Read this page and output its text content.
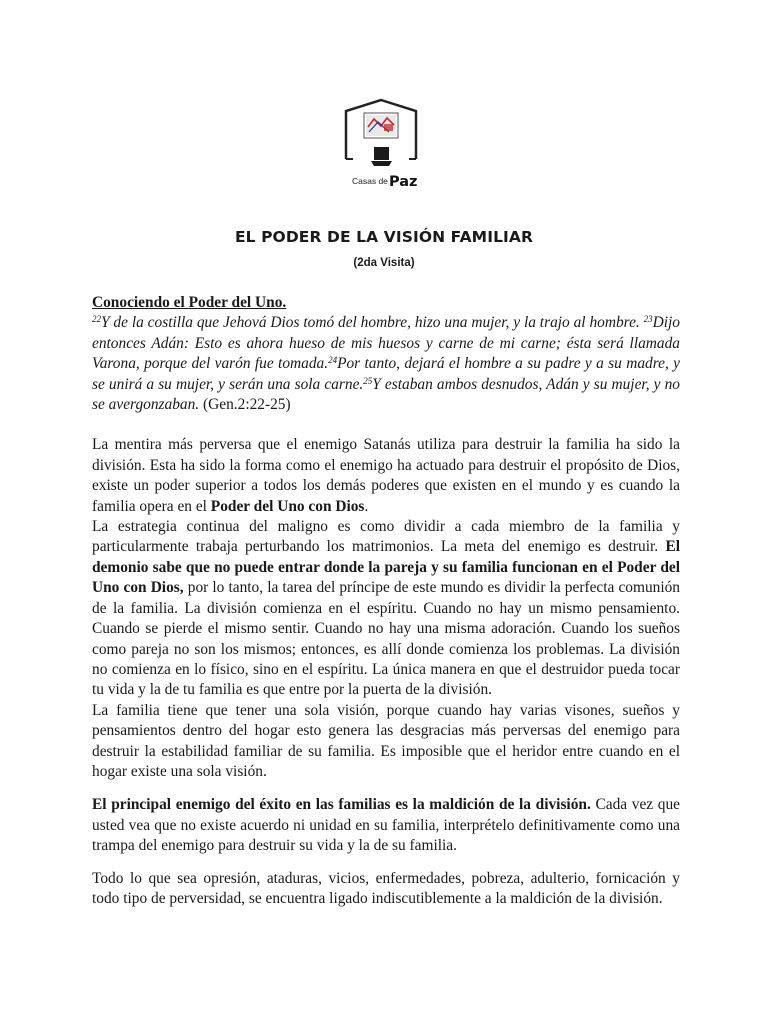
Casas de Paz
EL PODER DE LA VISIÓN FAMILIAR

(2da Visita)

Conociendo el Poder del Uno.

$^{22}$Y de la costilla que Jehová Dios tomó del hombre, hizo una mujer, y la trajo al hombre. $^{23}$Dijo entonces Adán: Esto es ahora hueso de mis huesos y carne de mi carne; ésta será llamada Varona, porque del varón fue tomada.$^{24}$Por tanto, dejará el hombre a su padre y a su madre, y se unirá a su mujer, y serán una sola carne.$^{25}$Y estaban ambos desnudos, Adán y su mujer, y no se avergonzaban. (Gen.2:22-25)

La mentira más perversa que el enemigo Satanás utiliza para destruir la familia ha sido la división. Esta ha sido la forma como el enemigo ha actuado para destruir el propósito de Dios, existe un poder superior a todos los demás poderes que existen en el mundo y es cuando la familia opera en el Poder del Uno con Dios.

La estrategia continua del maligno es como dividir a cada miembro de la familia y particularmente trabaja perturbando los matrimonios. La meta del enemigo es destruir. El demonio sabe que no puede entrar donde la pareja y su familia funcionan en el Poder del Uno con Dios, por lo tanto, la tarea del príncipe de este mundo es dividir la perfecta comunión de la familia. La división comienza en el espíritu. Cuando no hay un mismo pensamiento. Cuando se pierde el mismo sentir. Cuando no hay una misma adoración. Cuando los sueños como pareja no son los mismos; entonces, es allí donde comienza los problemas. La división no comienza en lo físico, sino en el espíritu. La única manera en que el destruidor pueda tocar tu vida y la de tu familia es que entre por la puerta de la división.

La familia tiene que tener una sola visión, porque cuando hay varias visones, sueños y pensamientos dentro del hogar esto genera las desgracias más perversas del enemigo para destruir la estabilidad familiar de su familia. Es imposible que el heridor entre cuando en el hogar existe una sola visión.

El principal enemigo del éxito en las familias es la maldición de la división. Cada vez que usted vea que no existe acuerdo ni unidad en su familia, interprételo definitivamente como una trampa del enemigo para destruir su vida y la de su familia.

Todo lo que sea opresión, ataduras, vicios, enfermedades, pobreza, adulterio, fornicación y todo tipo de perversidad, se encuentra ligado indiscutiblemente a la maldición de la división.
